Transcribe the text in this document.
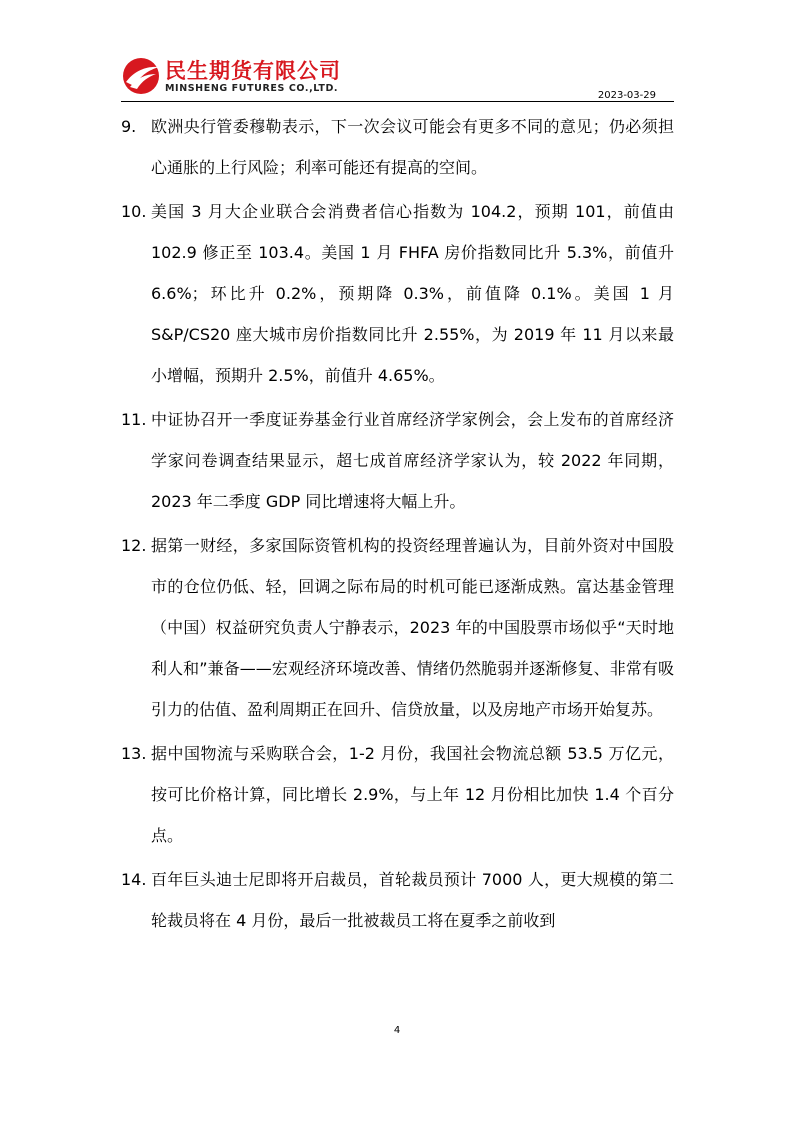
民生期货有限公司
MINSHENG FUTURES CO.,LTD.
2023-03-29
9. 欧洲央行管委穆勒表示，下一次会议可能会有更多不同的意见；仍必须担心通胀的上行风险；利率可能还有提高的空间。
10. 美国 3 月大企业联合会消费者信心指数为 104.2，预期 101，前值由 102.9 修正至 103.4。美国 1 月 FHFA 房价指数同比升 5.3%，前值升 6.6%；环比升 0.2%，预期降 0.3%，前值降 0.1%。美国 1 月 S&P/CS20 座大城市房价指数同比升 2.55%，为 2019 年 11 月以来最小增幅，预期升 2.5%，前值升 4.65%。
11. 中证协召开一季度证券基金行业首席经济学家例会，会上发布的首席经济学家问卷调查结果显示，超七成首席经济学家认为，较 2022 年同期，2023 年二季度 GDP 同比增速将大幅上升。
12. 据第一财经，多家国际资管机构的投资经理普遍认为，目前外资对中国股市的仓位仍低、轻，回调之际布局的时机可能已逐渐成熟。富达基金管理（中国）权益研究负责人宁静表示，2023 年的中国股票市场似乎“天时地利人和”兼备——宏观经济环境改善、情绪仍然脆弱并逐渐修复、非常有吸引力的估值、盈利周期正在回升、信贷放量，以及房地产市场开始复苏。
13. 据中国物流与采购联合会，1-2 月份，我国社会物流总额 53.5 万亿元，按可比价格计算，同比增长 2.9%，与上年 12 月份相比加快 1.4 个百分点。
14. 百年巨头迪士尼即将开启裁员，首轮裁员预计 7000 人，更大规模的第二轮裁员将在 4 月份，最后一批被裁员工将在夏季之前收到
4
